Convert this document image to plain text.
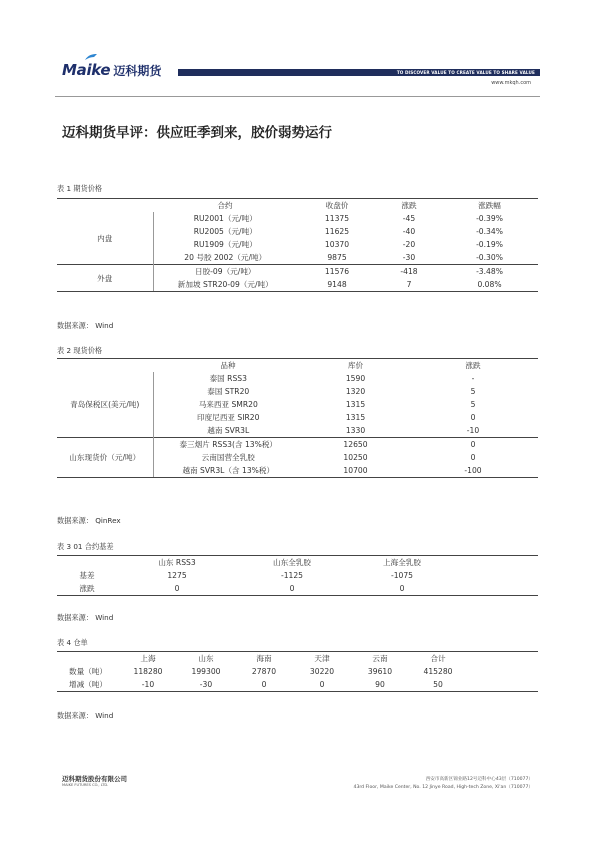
Maike 迈科期货	TO DISCOVER VALUE TO CREATE VALUE TO SHARE VALUE
www.mkqh.com
迈科期货早评：供应旺季到来，胶价弱势运行
表 1 期货价格
	合约	收盘价	涨跌	涨跌幅
内盘	RU2001（元/吨）	11375	-45	-0.39%
	RU2005（元/吨）	11625	-40	-0.34%
	RU1909（元/吨）	10370	-20	-0.19%
	20 号胶 2002（元/吨）	9875	-30	-0.30%
外盘	日胶-09（元/吨）	11576	-418	-3.48%
	新加坡 STR20-09（元/吨）	9148	7	0.08%
数据来源： Wind
表 2 现货价格
	品种	库价	涨跌
青岛保税区(美元/吨)	泰国 RSS3	1590	-
	泰国 STR20	1320	5
	马来西亚 SMR20	1315	5
	印度尼西亚 SIR20	1315	0
	越南 SVR3L	1330	-10
山东现货价（元/吨）	泰三烟片 RSS3(含 13%税）	12650	0
	云南国营全乳胶	10250	0
	越南 SVR3L（含 13%税）	10700	-100
数据来源： QinRex
表 3 01 合约基差
	山东 RSS3	山东全乳胶	上海全乳胶	
基差	1275	-1125	-1075	
涨跌	0	0	0	
数据来源： Wind
表 4 仓单
	上海	山东	海南	天津	云南	合计	
数量（吨）	118280	199300	27870	30220	39610	415280	
增减（吨）	-10	-30	0	0	90	50	
数据来源： Wind
迈科期货股份有限公司
MAIKE FUTURES CO., LTD.
西安市高新区锦业路12号迈科中心43层（710077）
43rd Floor, Maike Center, No. 12 Jinye Road, High-tech Zone, Xi'an（710077）
